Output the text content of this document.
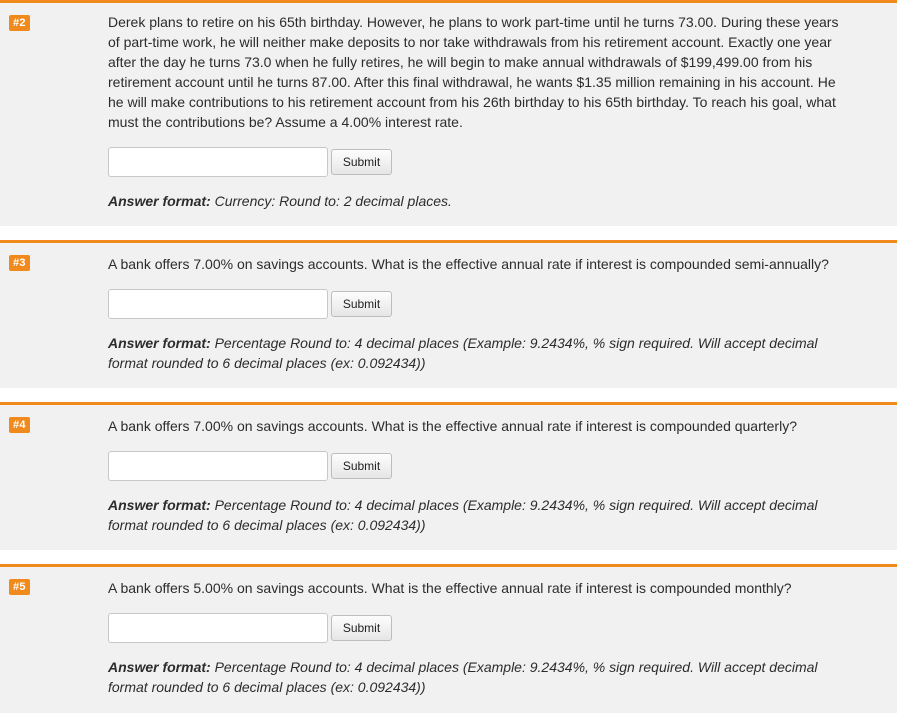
#2	Derek plans to retire on his 65th birthday. However, he plans to work part-time until he turns 73.00. During these years of part-time work, he will neither make deposits to nor take withdrawals from his retirement account. Exactly one year after the day he turns 73.0 when he fully retires, he will begin to make annual withdrawals of $199,499.00 from his retirement account until he turns 87.00. After this final withdrawal, he wants $1.35 million remaining in his account. He he will make contributions to his retirement account from his 26th birthday to his 65th birthday. To reach his goal, what must the contributions be? Assume a 4.00% interest rate.

Submit

Answer format: Currency: Round to: 2 decimal places.

#3	A bank offers 7.00% on savings accounts. What is the effective annual rate if interest is compounded semi-annually?

Submit

Answer format: Percentage Round to: 4 decimal places (Example: 9.2434%, % sign required. Will accept decimal format rounded to 6 decimal places (ex: 0.092434))

#4	A bank offers 7.00% on savings accounts. What is the effective annual rate if interest is compounded quarterly?

Submit

Answer format: Percentage Round to: 4 decimal places (Example: 9.2434%, % sign required. Will accept decimal format rounded to 6 decimal places (ex: 0.092434))

#5	A bank offers 5.00% on savings accounts. What is the effective annual rate if interest is compounded monthly?

Submit

Answer format: Percentage Round to: 4 decimal places (Example: 9.2434%, % sign required. Will accept decimal format rounded to 6 decimal places (ex: 0.092434))
